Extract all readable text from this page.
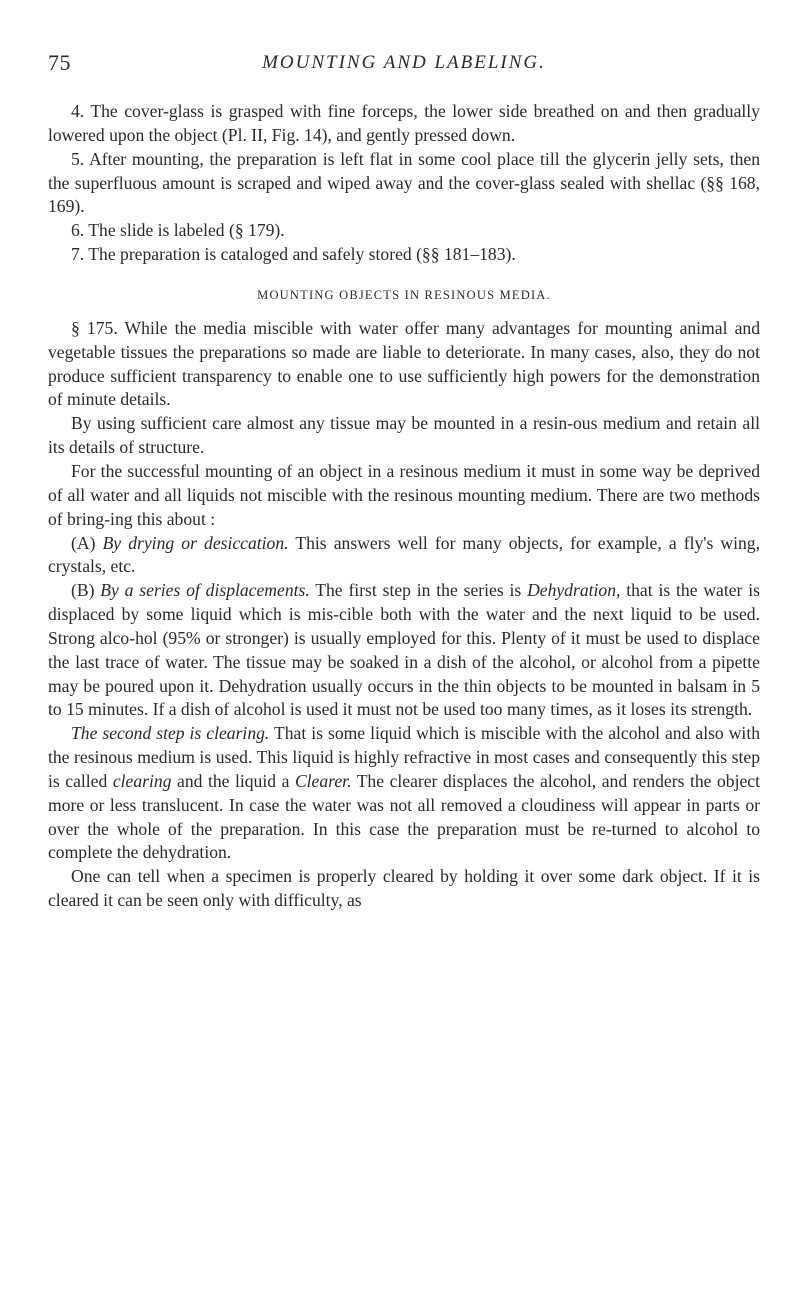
75	MOUNTING AND LABELING.

4. The cover-glass is grasped with fine forceps, the lower side breathed on and then gradually lowered upon the object (Pl. II, Fig. 14), and gently pressed down.

5. After mounting, the preparation is left flat in some cool place till the glycerin jelly sets, then the superfluous amount is scraped and wiped away and the cover-glass sealed with shellac (§§ 168, 169).

6. The slide is labeled (§ 179).

7. The preparation is cataloged and safely stored (§§ 181–183).

MOUNTING OBJECTS IN RESINOUS MEDIA.

§ 175. While the media miscible with water offer many advantages for mounting animal and vegetable tissues the preparations so made are liable to deteriorate. In many cases, also, they do not produce sufficient transparency to enable one to use sufficiently high powers for the demonstration of minute details.

By using sufficient care almost any tissue may be mounted in a resin-ous medium and retain all its details of structure.

For the successful mounting of an object in a resinous medium it must in some way be deprived of all water and all liquids not miscible with the resinous mounting medium. There are two methods of bring-ing this about :

(A) By drying or desiccation. This answers well for many objects, for example, a fly's wing, crystals, etc.

(B) By a series of displacements. The first step in the series is Dehydration, that is the water is displaced by some liquid which is mis-cible both with the water and the next liquid to be used. Strong alco-hol (95% or stronger) is usually employed for this. Plenty of it must be used to displace the last trace of water. The tissue may be soaked in a dish of the alcohol, or alcohol from a pipette may be poured upon it. Dehydration usually occurs in the thin objects to be mounted in balsam in 5 to 15 minutes. If a dish of alcohol is used it must not be used too many times, as it loses its strength.

The second step is clearing. That is some liquid which is miscible with the alcohol and also with the resinous medium is used. This liquid is highly refractive in most cases and consequently this step is called clearing and the liquid a Clearer. The clearer displaces the alcohol, and renders the object more or less translucent. In case the water was not all removed a cloudiness will appear in parts or over the whole of the preparation. In this case the preparation must be re-turned to alcohol to complete the dehydration.

One can tell when a specimen is properly cleared by holding it over some dark object. If it is cleared it can be seen only with difficulty, as
